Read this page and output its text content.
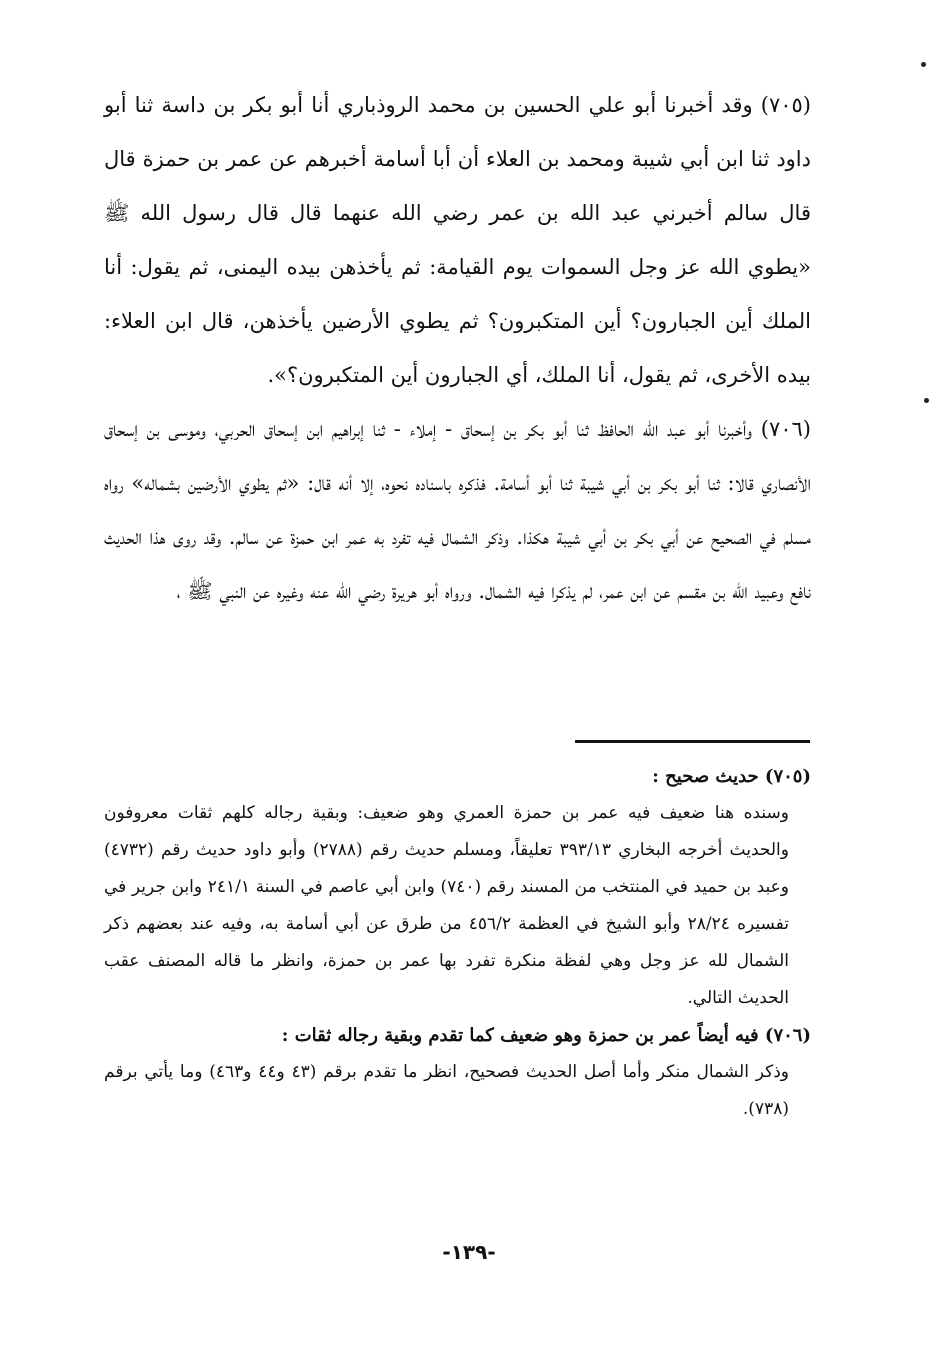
(٧٠٥) وقد أخبرنا أبو علي الحسين بن محمد الروذباري أنا أبو بكر بن داسة ثنا أبو داود ثنا ابن أبي شيبة ومحمد بن العلاء أن أبا أسامة أخبرهم عن عمر بن حمزة قال قال سالم أخبرني عبد الله بن عمر رضي الله عنهما قال قال رسول الله ﷺ «يطوي الله عز وجل السموات يوم القيامة: ثم يأخذهن بيده اليمنى، ثم يقول: أنا الملك أين الجبارون؟ أين المتكبرون؟ ثم يطوي الأرضين يأخذهن، قال ابن العلاء: بيده الأخرى، ثم يقول، أنا الملك، أي الجبارون أين المتكبرون؟».

(٧٠٦) وأخبرنا أبو عبد الله الحافظ ثنا أبو بكر بن إسحاق - إملاء - ثنا إبراهيم ابن إسحاق الحربي، وموسى بن إسحاق الأنصاري قالا: ثنا أبو بكر بن أبي شيبة ثنا أبو أسامة. فذكره باسناده نحوه، إلا أنه قال: «ثم يطوي الأرضين بشماله» رواه مسلم في الصحيح عن أبي بكر بن أبي شيبة هكذا. وذكر الشمال فيه تفرد به عمر ابن حمزة عن سالم. وقد روى هذا الحديث نافع وعبيد الله بن مقسم عن ابن عمر، لم يذكرا فيه الشمال. ورواه أبو هريرة رضي الله عنه وغيره عن النبي ﷺ ،

(٧٠٥) حديث صحيح :

وسنده هنا ضعيف فيه عمر بن حمزة العمري وهو ضعيف: وبقية رجاله كلهم ثقات معروفون والحديث أخرجه البخاري ٣٩٣/١٣ تعليقاً، ومسلم حديث رقم (٢٧٨٨) وأبو داود حديث رقم (٤٧٣٢) وعبد بن حميد في المنتخب من المسند رقم (٧٤٠) وابن أبي عاصم في السنة ٢٤١/١ وابن جرير في تفسيره ٢٨/٢٤ وأبو الشيخ في العظمة ٤٥٦/٢ من طرق عن أبي أسامة به، وفيه عند بعضهم ذكر الشمال لله عز وجل وهي لفظة منكرة تفرد بها عمر بن حمزة، وانظر ما قاله المصنف عقب الحديث التالي.

(٧٠٦) فيه أيضاً عمر بن حمزة وهو ضعيف كما تقدم وبقية رجاله ثقات :

وذكر الشمال منكر وأما أصل الحديث فصحيح، انظر ما تقدم برقم (٤٣ و٤٤ و٤٦٣) وما يأتي برقم (٧٣٨).

-١٣٩-
